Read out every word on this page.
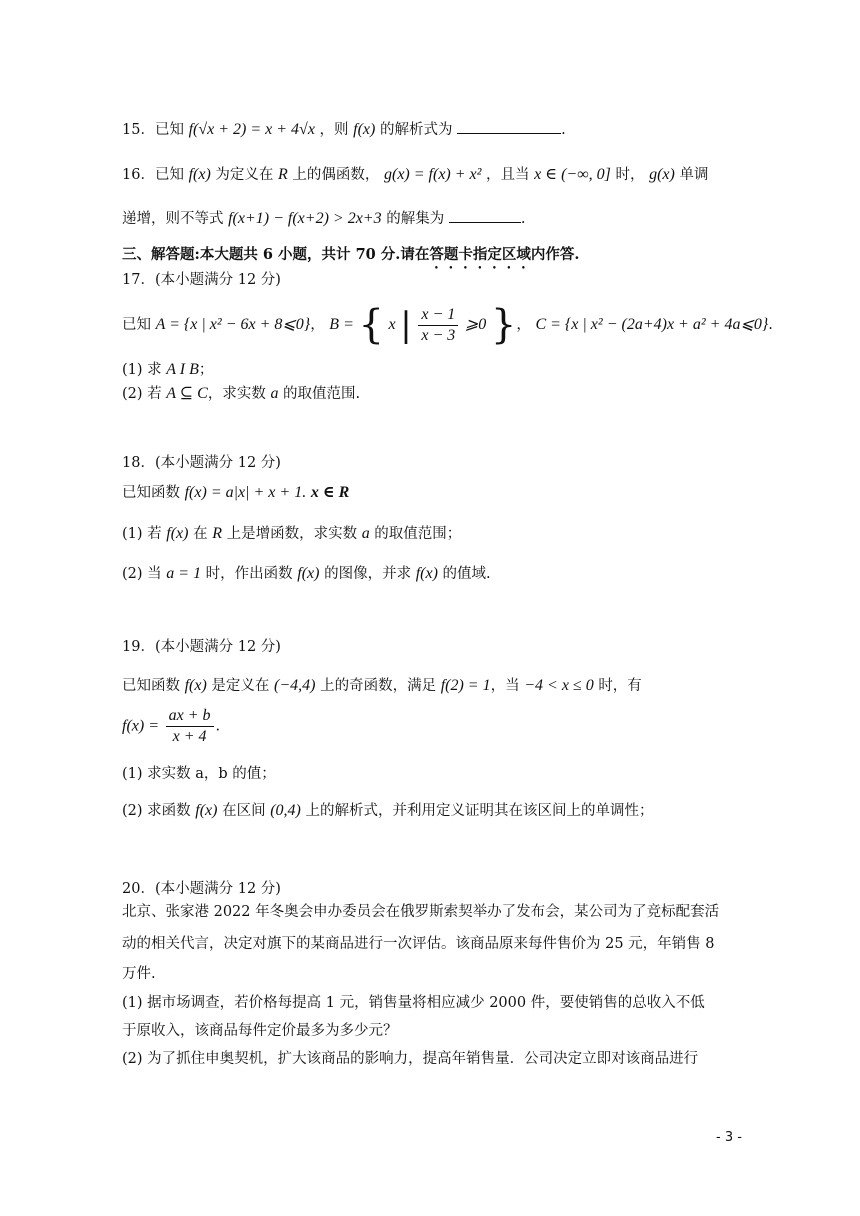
15．已知 f(√x + 2) = x + 4√x ，则 f(x) 的解析式为	.
16．已知 f(x) 为定义在 R 上的偶函数， g(x) = f(x) + x² ，且当 x ∈ (−∞, 0] 时， g(x) 单调
递增，则不等式 f(x+1) − f(x+2) > 2x+3 的解集为	.
三、解答题:本大题共 6 小题，共计 70 分.请在答题卡指定区域内作答.
17．(本小题满分 12 分)
已知 A = {x | x² − 6x + 8⩽0}， B = { x | $\frac{x - 1}{x - 3}$ ⩾0 }， C = {x | x² − (2a+4)x + a² + 4a⩽0}.
(1) 求 A I B；
(2) 若 A ⊆ C，求实数 a 的取值范围.
18．(本小题满分 12 分)
已知函数 f(x) = a|x| + x + 1. x ∈ R
(1) 若 f(x) 在 R 上是增函数，求实数 a 的取值范围；
(2) 当 a = 1 时，作出函数 f(x) 的图像，并求 f(x) 的值域.
19．(本小题满分 12 分)
已知函数 f(x) 是定义在 (−4,4) 上的奇函数，满足 f(2) = 1，当 −4 < x ≤ 0 时，有
$f(x) = \frac{ax + b}{x + 4}$ .
(1) 求实数 a，b 的值；
(2) 求函数 f(x) 在区间 (0,4) 上的解析式，并利用定义证明其在该区间上的单调性；
20．(本小题满分 12 分)
北京、张家港 2022 年冬奥会申办委员会在俄罗斯索契举办了发布会，某公司为了竞标配套活
动的相关代言，决定对旗下的某商品进行一次评估。该商品原来每件售价为 25 元，年销售 8
万件.
(1) 据市场调查，若价格每提高 1 元，销售量将相应减少 2000 件，要使销售的总收入不低
于原收入，该商品每件定价最多为多少元？
(2) 为了抓住申奥契机，扩大该商品的影响力，提高年销售量．公司决定立即对该商品进行
- 3 -
